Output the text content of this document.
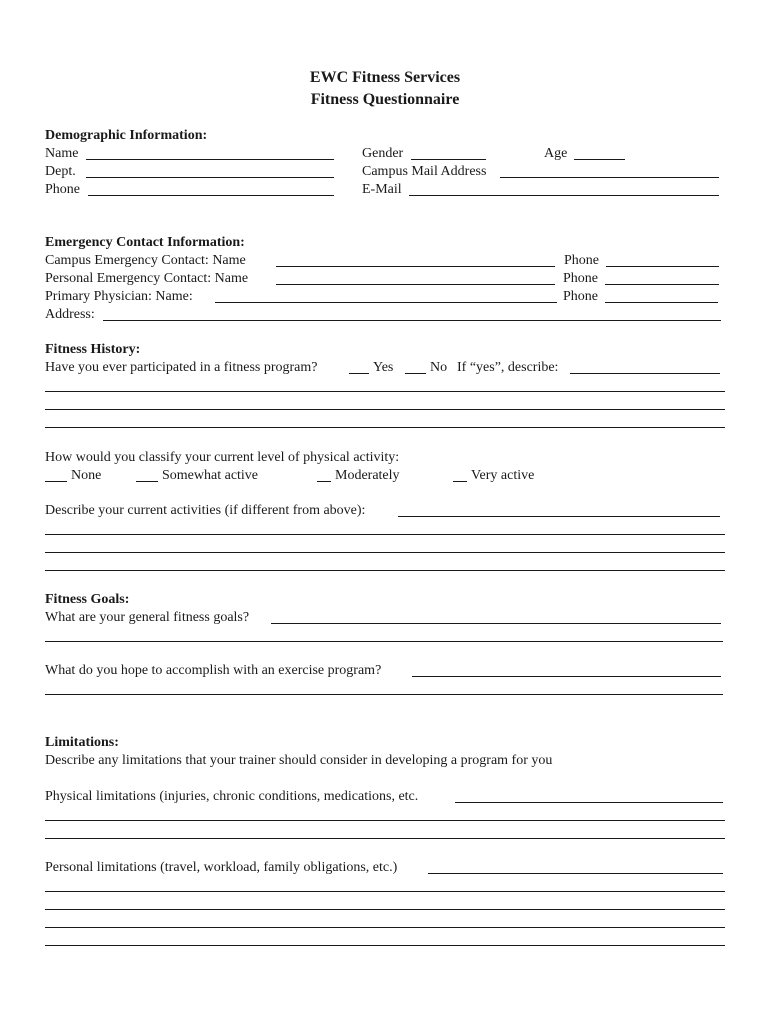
EWC Fitness Services
Fitness Questionnaire
Demographic Information:
Name	Gender	Age
Dept.	Campus Mail Address
Phone	E-Mail
Emergency Contact Information:
Campus Emergency Contact: Name	Phone
Personal Emergency Contact: Name	Phone
Primary Physician: Name:	Phone
Address:
Fitness History:
Have you ever participated in a fitness program?	Yes	No If “yes”, describe:
How would you classify your current level of physical activity:
None	Somewhat active	Moderately	Very active
Describe your current activities (if different from above):
Fitness Goals:
What are your general fitness goals?
What do you hope to accomplish with an exercise program?
Limitations:
Describe any limitations that your trainer should consider in developing a program for you
Physical limitations (injuries, chronic conditions, medications, etc.
Personal limitations (travel, workload, family obligations, etc.)
